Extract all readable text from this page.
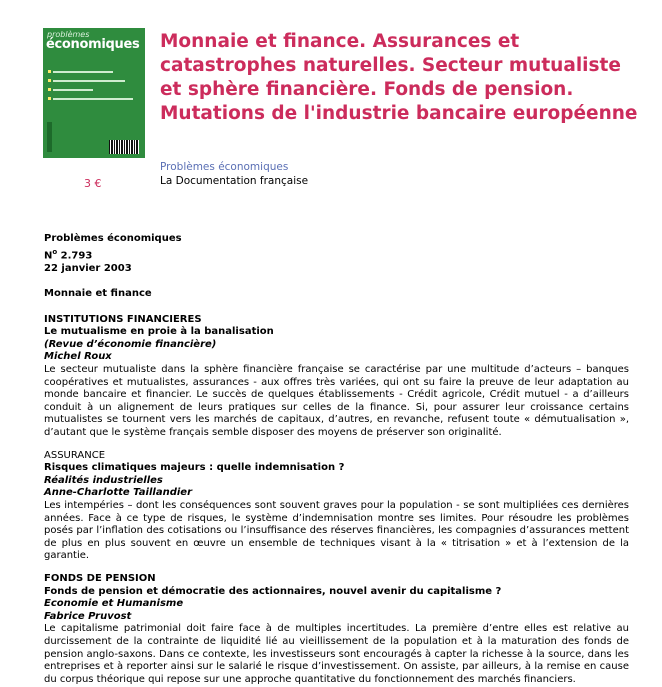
problèmes
économiques
3 €
Monnaie et finance. Assurances et catastrophes naturelles. Secteur mutualiste et sphère financière. Fonds de pension. Mutations de l'industrie bancaire européenne
Problèmes économiques
La Documentation française

Problèmes économiques

$N^o$ 2.793

22 janvier 2003

Monnaie et finance

INSTITUTIONS FINANCIERES

Le mutualisme en proie à la banalisation

(Revue d’économie financière)

Michel Roux

Le secteur mutualiste dans la sphère financière française se caractérise par une multitude d’acteurs – banques coopératives et mutualistes, assurances - aux offres très variées, qui ont su faire la preuve de leur adaptation au monde bancaire et financier. Le succès de quelques établissements - Crédit agricole, Crédit mutuel - a d’ailleurs conduit à un alignement de leurs pratiques sur celles de la finance. Si, pour assurer leur croissance certains mutualistes se tournent vers les marchés de capitaux, d’autres, en revanche, refusent toute « démutualisation », d’autant que le système français semble disposer des moyens de préserver son originalité.

ASSURANCE

Risques climatiques majeurs : quelle indemnisation ?

Réalités industrielles

Anne-Charlotte Taillandier

Les intempéries – dont les conséquences sont souvent graves pour la population - se sont multipliées ces dernières années. Face à ce type de risques, le système d’indemnisation montre ses limites. Pour résoudre les problèmes posés par l’inflation des cotisations ou l’insuffisance des réserves financières, les compagnies d’assurances mettent de plus en plus souvent en œuvre un ensemble de techniques visant à la « titrisation » et à l’extension de la garantie.

FONDS DE PENSION

Fonds de pension et démocratie des actionnaires, nouvel avenir du capitalisme ?

Economie et Humanisme

Fabrice Pruvost

Le capitalisme patrimonial doit faire face à de multiples incertitudes. La première d’entre elles est relative au durcissement de la contrainte de liquidité lié au vieillissement de la population et à la maturation des fonds de pension anglo-saxons. Dans ce contexte, les investisseurs sont encouragés à capter la richesse à la source, dans les entreprises et à reporter ainsi sur le salarié le risque d’investissement. On assiste, par ailleurs, à la remise en cause du corpus théorique qui repose sur une approche quantitative du fonctionnement des marchés financiers.
